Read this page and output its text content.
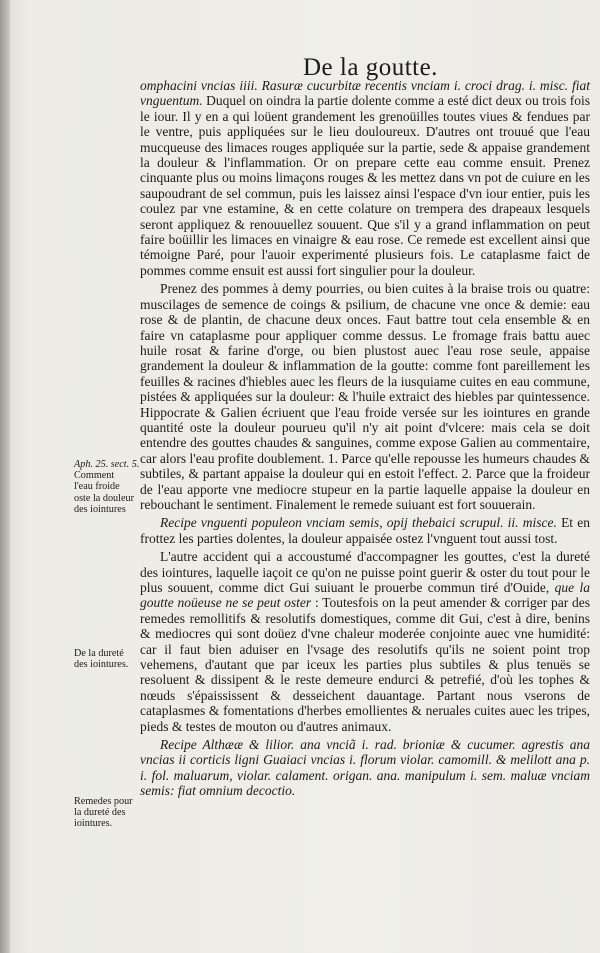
De la goutte.

omphacini vncias iiii. Rasuræ cucurbitæ recentis vnciam i. croci drag. i. misc. fiat vnguentum. Duquel on oindra la partie dolente comme a esté dict deux ou trois fois le iour. Il y en a qui loüent grandement les grenoüilles toutes viues & fendues par le ventre, puis appliquées sur le lieu douloureux. D'autres ont trouué que l'eau mucqueuse des limaces rouges appliquée sur la partie, sede & appaise grandement la douleur & l'inflammation. Or on prepare cette eau comme ensuit. Prenez cinquante plus ou moins limaçons rouges & les mettez dans vn pot de cuiure en les saupoudrant de sel commun, puis les laissez ainsi l'espace d'vn iour entier, puis les coulez par vne estamine, & en cette colature on trempera des drapeaux lesquels seront appliquez & renouuellez souuent. Que s'il y a grand inflammation on peut faire boüillir les limaces en vinaigre & eau rose. Ce remede est excellent ainsi que témoigne Paré, pour l'auoir experimenté plusieurs fois. Le cataplasme faict de pommes comme ensuit est aussi fort singulier pour la douleur.

Prenez des pommes à demy pourries, ou bien cuites à la braise trois ou quatre: muscilages de semence de coings & psilium, de chacune vne once & demie: eau rose & de plantin, de chacune deux onces. Faut battre tout cela ensemble & en faire vn cataplasme pour appliquer comme dessus. Le fromage frais battu auec huile rosat & farine d'orge, ou bien plustost auec l'eau rose seule, appaise grandement la douleur & inflammation de la goutte: comme font pareillement les feuilles & racines d'hiebles auec les fleurs de la iusquiame cuites en eau commune, pistées & appliquées sur la douleur: & l'huile extraict des hiebles par quintessence. Hippocrate & Galien écriuent que l'eau froide versée sur les iointures en grande quantité oste la douleur pourueu qu'il n'y ait point d'vlcere: mais cela se doit entendre des gouttes chaudes & sanguines, comme expose Galien au commentaire, car alors l'eau profite doublement. 1. Parce qu'elle repousse les humeurs chaudes & subtiles, & partant appaise la douleur qui en estoit l'effect. 2. Parce que la froideur de l'eau apporte vne mediocre stupeur en la partie laquelle appaise la douleur en rebouchant le sentiment. Finalement le remede suiuant est fort souuerain.

Recipe vnguenti populeon vnciam semis, opij thebaici scrupul. ii. misce. Et en frottez les parties dolentes, la douleur appaisée ostez l'vnguent tout aussi tost.

L'autre accident qui a accoustumé d'accompagner les gouttes, c'est la dureté des iointures, laquelle iaçoit ce qu'on ne puisse point guerir & oster du tout pour le plus souuent, comme dict Gui suiuant le prouerbe commun tiré d'Ouide, que la goutte noüeuse ne se peut oster : Toutesfois on la peut amender & corriger par des remedes remollitifs & resolutifs domestiques, comme dit Gui, c'est à dire, benins & mediocres qui sont doüez d'vne chaleur moderée conjointe auec vne humidité: car il faut bien aduiser en l'vsage des resolutifs qu'ils ne soient point trop vehemens, d'autant que par iceux les parties plus subtiles & plus tenuës se resoluent & dissipent & le reste demeure endurci & petrefié, d'où les tophes & nœuds s'épaississent & desseichent dauantage. Partant nous vserons de cataplasmes & fomentations d'herbes emollientes & neruales cuites auec les tripes, pieds & testes de mouton ou d'autres animaux.

Recipe Althææ & lilior. ana vnciã i. rad. brioniæ & cucumer. agrestis ana vncias ii corticis ligni Guaiaci vncias i. florum violar. camomill. & melilott ana p. i. fol. maluarum, violar. calament. origan. ana. manipulum i. sem. maluæ vnciam semis: fiat omnium decoctio.

Aph. 25. sect. 5.
Comment
l'eau froide
oste la douleur
des iointures
De la dureté
des iointures.
Remedes pour
la dureté des
iointures.
